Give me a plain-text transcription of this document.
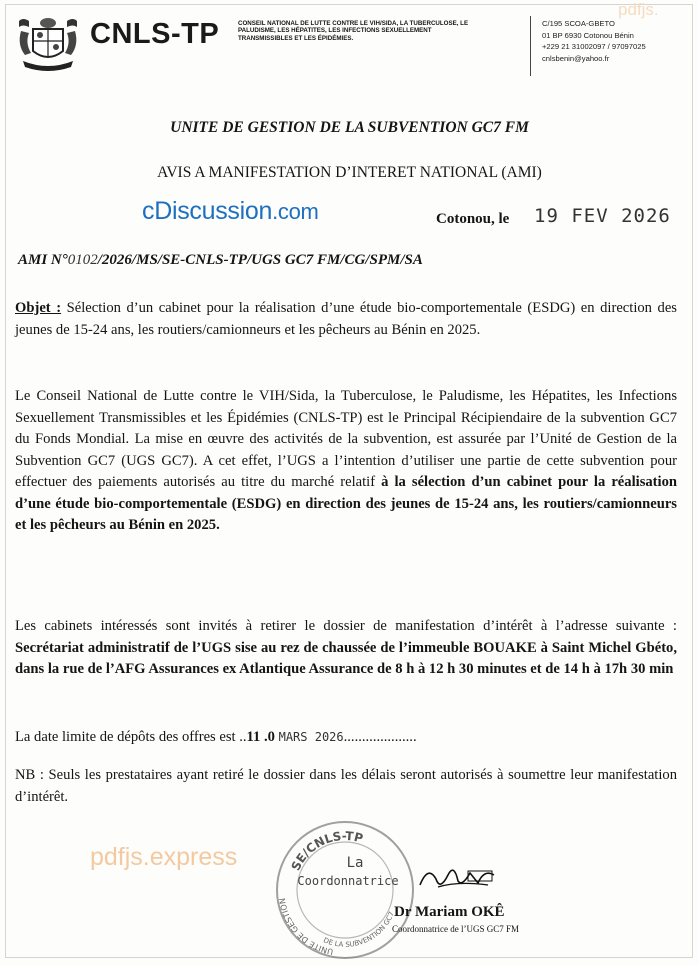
CNLS-TP	CONSEIL NATIONAL DE LUTTE CONTRE LE VIH/SIDA, LA TUBERCULOSE, LE PALUDISME, LES HÉPATITES, LES INFECTIONS SEXUELLEMENT TRANSMISSIBLES ET LES ÉPIDÉMIES.
C/195 SCOA-GBETO
01 BP 6930 Cotonou Bénin
+229 21 31002097 / 97097025
cnlsbenin@yahoo.fr
pdfjs.
UNITE DE GESTION DE LA SUBVENTION GC7 FM
AVIS A MANIFESTATION D’INTERET NATIONAL (AMI)
cDiscussion.com	Cotonou, le 19 FEV 2026
AMI N°0102/2026/MS/SE-CNLS-TP/UGS GC7 FM/CG/SPM/SA
Objet : Sélection d’un cabinet pour la réalisation d’une étude bio-comportementale (ESDG) en direction des jeunes de 15-24 ans, les routiers/camionneurs et les pêcheurs au Bénin en 2025.
Le Conseil National de Lutte contre le VIH/Sida, la Tuberculose, le Paludisme, les Hépatites, les Infections Sexuellement Transmissibles et les Épidémies (CNLS-TP) est le Principal Récipiendaire de la subvention GC7 du Fonds Mondial. La mise en œuvre des activités de la subvention, est assurée par l’Unité de Gestion de la Subvention GC7 (UGS GC7). A cet effet, l’UGS a l’intention d’utiliser une partie de cette subvention pour effectuer des paiements autorisés au titre du marché relatif à la sélection d’un cabinet pour la réalisation d’une étude bio-comportementale (ESDG) en direction des jeunes de 15-24 ans, les routiers/camionneurs et les pêcheurs au Bénin en 2025.
Les cabinets intéressés sont invités à retirer le dossier de manifestation d’intérêt à l’adresse suivante : Secrétariat administratif de l’UGS sise au rez de chaussée de l’immeuble BOUAKE à Saint Michel Gbéto, dans la rue de l’AFG Assurances ex Atlantique Assurance de 8 h à 12 h 30 minutes et de 14 h à 17h 30 min
La date limite de dépôts des offres est ..11 .0 MARS 2026....................
NB : Seuls les prestataires ayant retiré le dossier dans les délais seront autorisés à soumettre leur manifestation d’intérêt.
SE/CNLS-TP
UNITE DE GESTION
DE LA SUBVENTION GC7
La
Coordonnatrice
pdfjs.express
Dr Mariam OKÊ
Coordonnatrice de l’UGS GC7 FM
